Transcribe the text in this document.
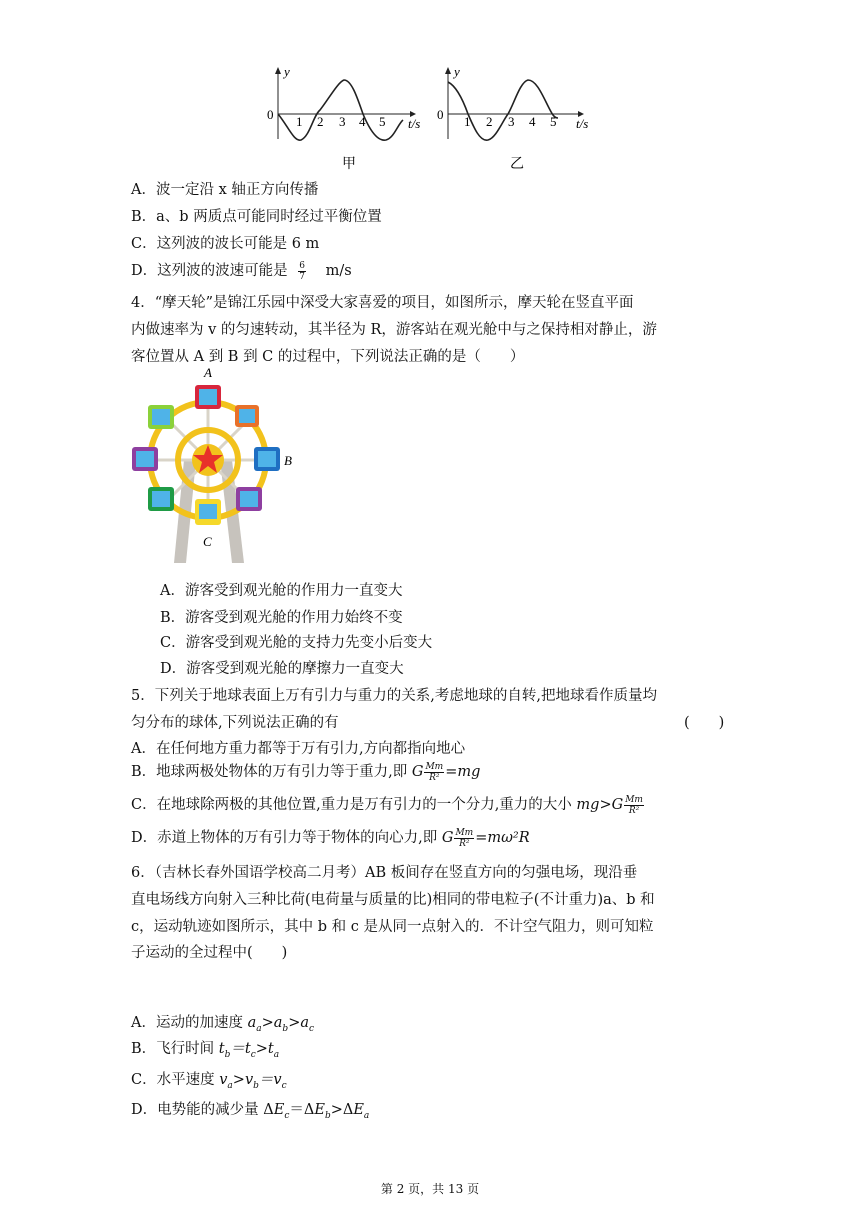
y
0 1 2 3 4 5 t/s
甲
y
0 1 2 3 4 5 t/s
乙
A．波一定沿 x 轴正方向传播
B．a、b 两质点可能同时经过平衡位置
C．这列波的波长可能是 6 m
D．这列波的波速可能是 $\frac{6}{7} m/s$
4．“摩天轮”是锦江乐园中深受大家喜爱的项目，如图所示，摩天轮在竖直平面
内做速率为 v 的匀速转动，其半径为 R，游客站在观光舱中与之保持相对静止，游
客位置从 A 到 B 到 C 的过程中，下列说法正确的是（　　）
A
B
C
A．游客受到观光舱的作用力一直变大
B．游客受到观光舱的作用力始终不变
C．游客受到观光舱的支持力先变小后变大
D．游客受到观光舱的摩擦力一直变大
5．下列关于地球表面上万有引力与重力的关系,考虑地球的自转,把地球看作质量均
匀分布的球体,下列说法正确的有	(　　)
A．在任何地方重力都等于万有引力,方向都指向地心
B．地球两极处物体的万有引力等于重力,即 G $\frac{Mm}{\text{R²}} =mg$
C．在地球除两极的其他位置,重力是万有引力的一个分力,重力的大小 $mg>G \frac{Mm}{\text{R²}}$
D．赤道上物体的万有引力等于物体的向心力,即 G $\frac{Mm}{\text{R²}} =m\omega^2R$
6．（吉林长春外国语学校高二月考）AB 板间存在竖直方向的匀强电场，现沿垂
直电场线方向射入三种比荷(电荷量与质量的比)相同的带电粒子(不计重力)a、b 和
c，运动轨迹如图所示，其中 b 和 c 是从同一点射入的．不计空气阻力，则可知粒
子运动的全过程中(　　)
A．运动的加速度 $a_a>a_b>a_c$
B．飞行时间 $t_b=t_c>t_a$
C．水平速度 $v_a>v_b=v_c$
D．电势能的减少量 $\Delta E_c=\Delta E_b>\Delta E_a$
第 2 页，共 13 页
